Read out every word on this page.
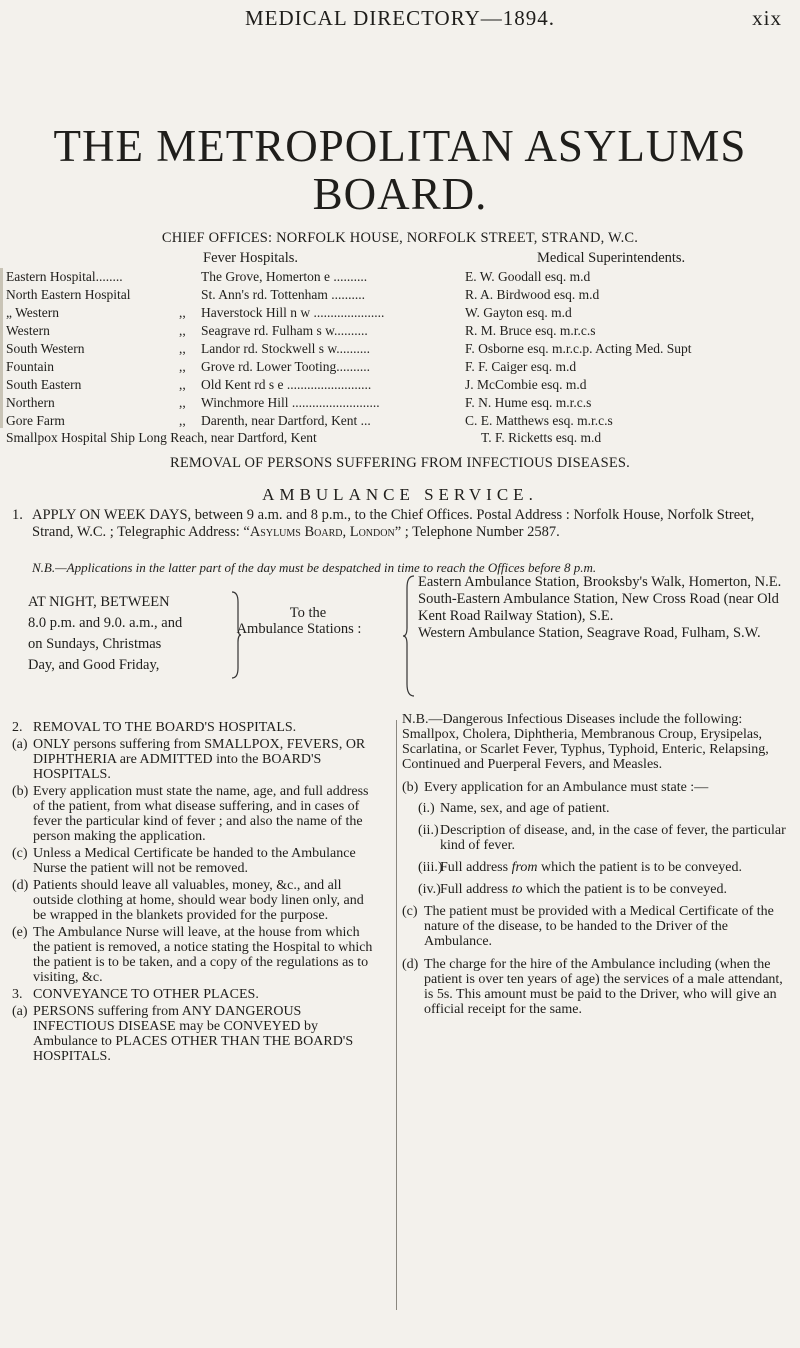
MEDICAL DIRECTORY—1894.	xix
THE METROPOLITAN ASYLUMS BOARD.
CHIEF OFFICES: NORFOLK HOUSE, NORFOLK STREET, STRAND, W.C.
Fever Hospitals.	Medical Superintendents.
Eastern Hospital........	The Grove, Homerton e ..........	E. W. Goodall esq. m.d
North Eastern Hospital	St. Ann's rd. Tottenham ..........	R. A. Birdwood esq. m.d
„ Western	,, Haverstock Hill n w .....................	W. Gayton esq. m.d
Western	,, Seagrave rd. Fulham s w..........	R. M. Bruce esq. m.r.c.s
South Western	,, Landor rd. Stockwell s w..........	F. Osborne esq. m.r.c.p. Acting Med. Supt
Fountain	,, Grove rd. Lower Tooting..........	F. F. Caiger esq. m.d
South Eastern	,, Old Kent rd s e .........................	J. McCombie esq. m.d
Northern	,, Winchmore Hill ..........................	F. N. Hume esq. m.r.c.s
Gore Farm	,, Darenth, near Dartford, Kent ...	C. E. Matthews esq. m.r.c.s
Smallpox Hospital Ship Long Reach, near Dartford, Kent	T. F. Ricketts esq. m.d
REMOVAL OF PERSONS SUFFERING FROM INFECTIOUS DISEASES.
AMBULANCE SERVICE.
1. APPLY ON WEEK DAYS, between 9 a.m. and 8 p.m., to the Chief Offices. Postal Address : Norfolk House, Norfolk Street, Strand, W.C. ; Telegraphic Address: “Asylums Board, London” ; Telephone Number 2587.
N.B.—Applications in the latter part of the day must be despatched in time to reach the Offices before 8 p.m.
AT NIGHT, BETWEEN
8.0 p.m. and 9.0. a.m., and
on Sundays, Christmas
Day, and Good Friday,
To the
Ambulance Stations :
Eastern Ambulance Station, Brooksby's Walk, Homerton, N.E.
South-Eastern Ambulance Station, New Cross Road (near Old Kent Road Railway Station), S.E.
Western Ambulance Station, Seagrave Road, Fulham, S.W.
2. REMOVAL TO THE BOARD'S HOSPITALS.
(a) ONLY persons suffering from SMALLPOX, FEVERS, OR DIPHTHERIA are ADMITTED into the BOARD'S HOSPITALS.
(b) Every application must state the name, age, and full address of the patient, from what disease suffering, and in cases of fever the particular kind of fever ; and also the name of the person making the application.
(c) Unless a Medical Certificate be handed to the Ambulance Nurse the patient will not be removed.
(d) Patients should leave all valuables, money, &c., and all outside clothing at home, should wear body linen only, and be wrapped in the blankets provided for the purpose.
(e) The Ambulance Nurse will leave, at the house from which the patient is removed, a notice stating the Hospital to which the patient is to be taken, and a copy of the regulations as to visiting, &c.
3. CONVEYANCE TO OTHER PLACES.
(a) PERSONS suffering from ANY DANGEROUS INFECTIOUS DISEASE may be CONVEYED by Ambulance to PLACES OTHER THAN THE BOARD'S HOSPITALS.
N.B.—Dangerous Infectious Diseases include the following: Smallpox, Cholera, Diphtheria, Membranous Croup, Erysipelas, Scarlatina, or Scarlet Fever, Typhus, Typhoid, Enteric, Relapsing, Continued and Puerperal Fevers, and Measles.
(b) Every application for an Ambulance must state :—
(i.) Name, sex, and age of patient.
(ii.) Description of disease, and, in the case of fever, the particular kind of fever.
(iii.)
Full address from which the patient is to be conveyed.
(iv.) Full address to which the patient is to be conveyed.
(c) The patient must be provided with a Medical Certificate of the nature of the disease, to be handed to the Driver of the Ambulance.
(d) The charge for the hire of the Ambulance including (when the patient is over ten years of age) the services of a male attendant, is 5s. This amount must be paid to the Driver, who will give an official receipt for the same.
